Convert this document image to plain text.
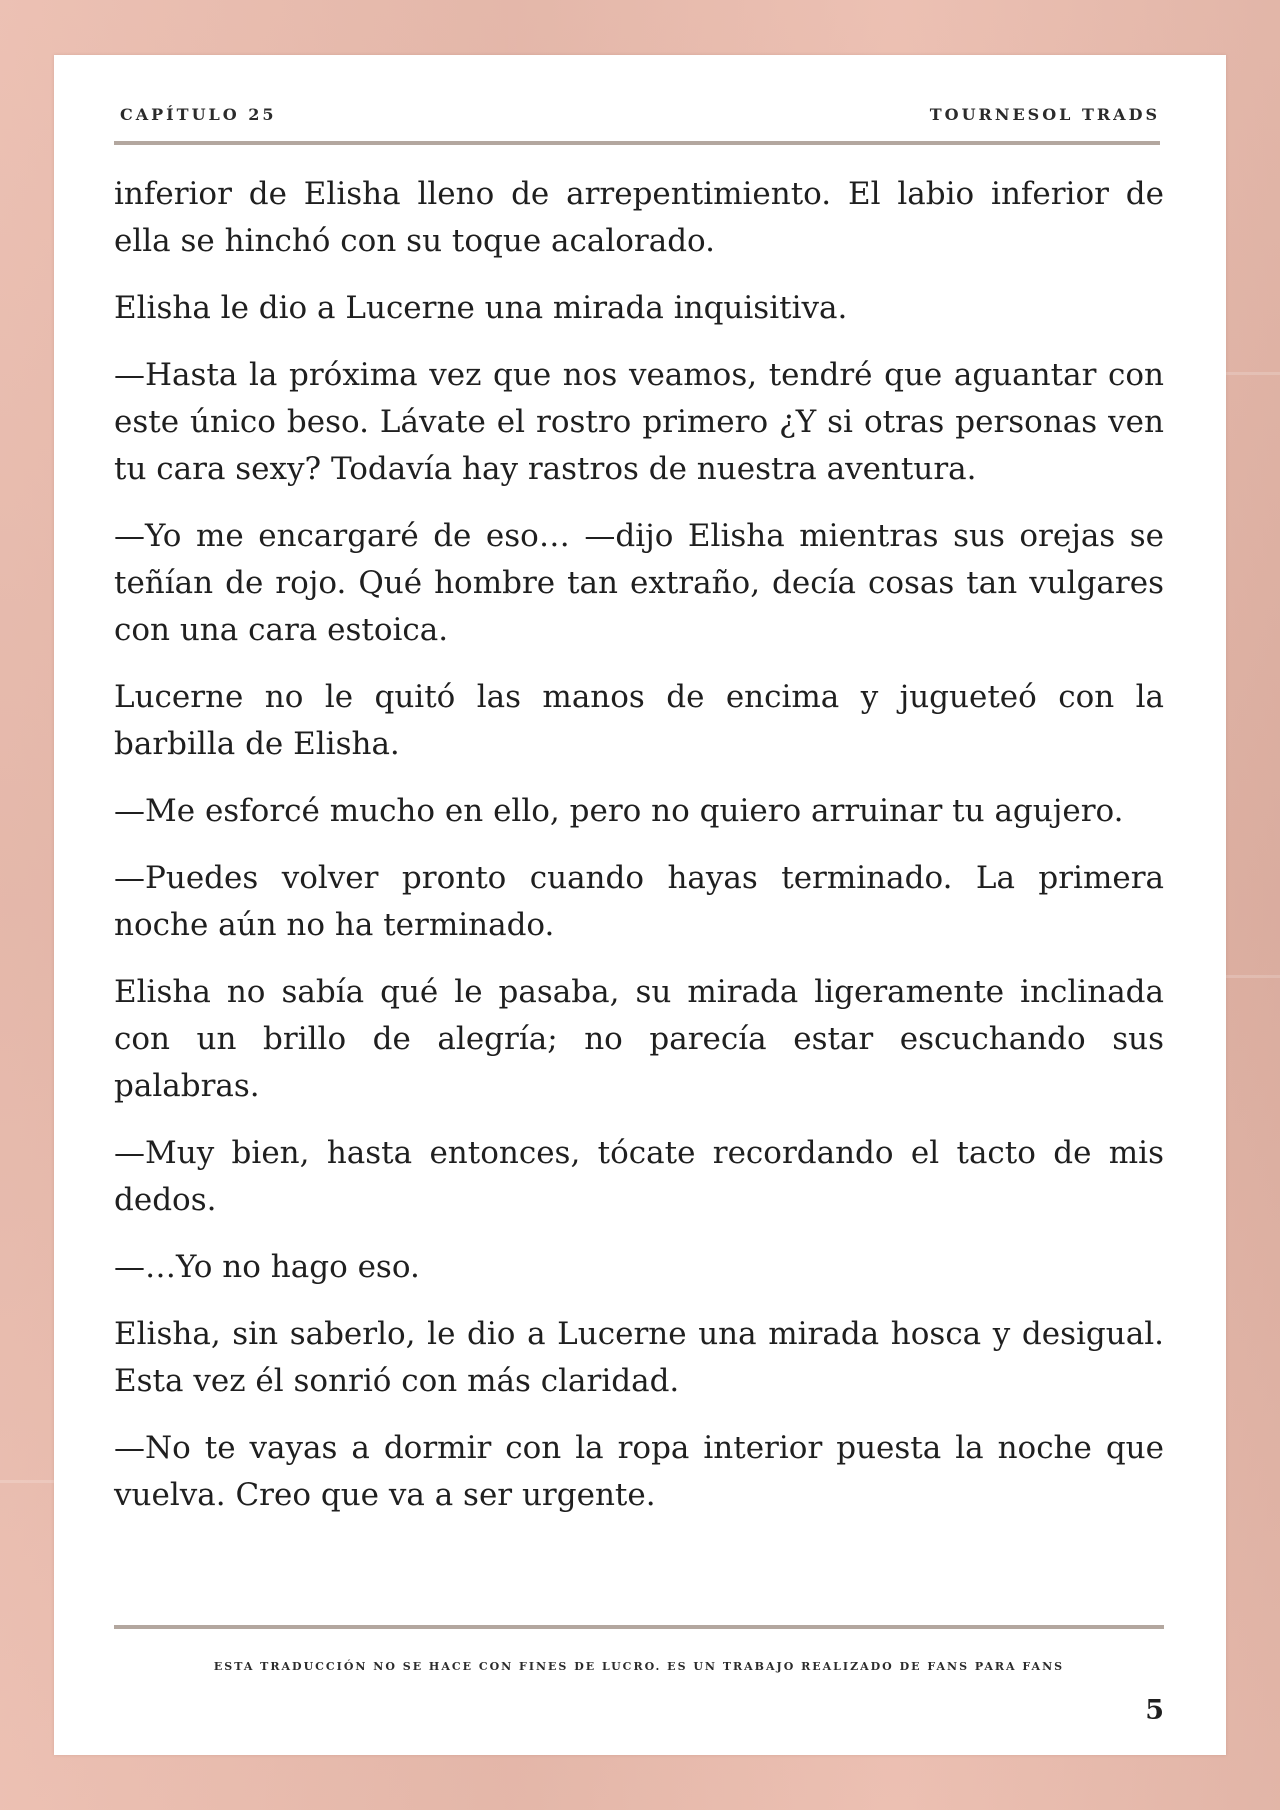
CAPÍTULO 25	TOURNESOL TRADS

inferior de Elisha lleno de arrepentimiento. El labio inferior de ella se hinchó con su toque acalorado.

Elisha le dio a Lucerne una mirada inquisitiva.

—Hasta la próxima vez que nos veamos, tendré que aguantar con este único beso. Lávate el rostro primero ¿Y si otras personas ven tu cara sexy? Todavía hay rastros de nuestra aventura.

—Yo me encargaré de eso… —dijo Elisha mientras sus orejas se teñían de rojo. Qué hombre tan extraño, decía cosas tan vulgares con una cara estoica.

Lucerne no le quitó las manos de encima y jugueteó con la barbilla de Elisha.

—Me esforcé mucho en ello, pero no quiero arruinar tu agujero.

—Puedes volver pronto cuando hayas terminado. La primera noche aún no ha terminado.

Elisha no sabía qué le pasaba, su mirada ligeramente inclinada con un brillo de alegría; no parecía estar escuchando sus palabras.

—Muy bien, hasta entonces, tócate recordando el tacto de mis dedos.

—…Yo no hago eso.

Elisha, sin saberlo, le dio a Lucerne una mirada hosca y desigual. Esta vez él sonrió con más claridad.

—No te vayas a dormir con la ropa interior puesta la noche que vuelva. Creo que va a ser urgente.

ESTA TRADUCCIÓN NO SE HACE CON FINES DE LUCRO. ES UN TRABAJO REALIZADO DE FANS PARA FANS
5
